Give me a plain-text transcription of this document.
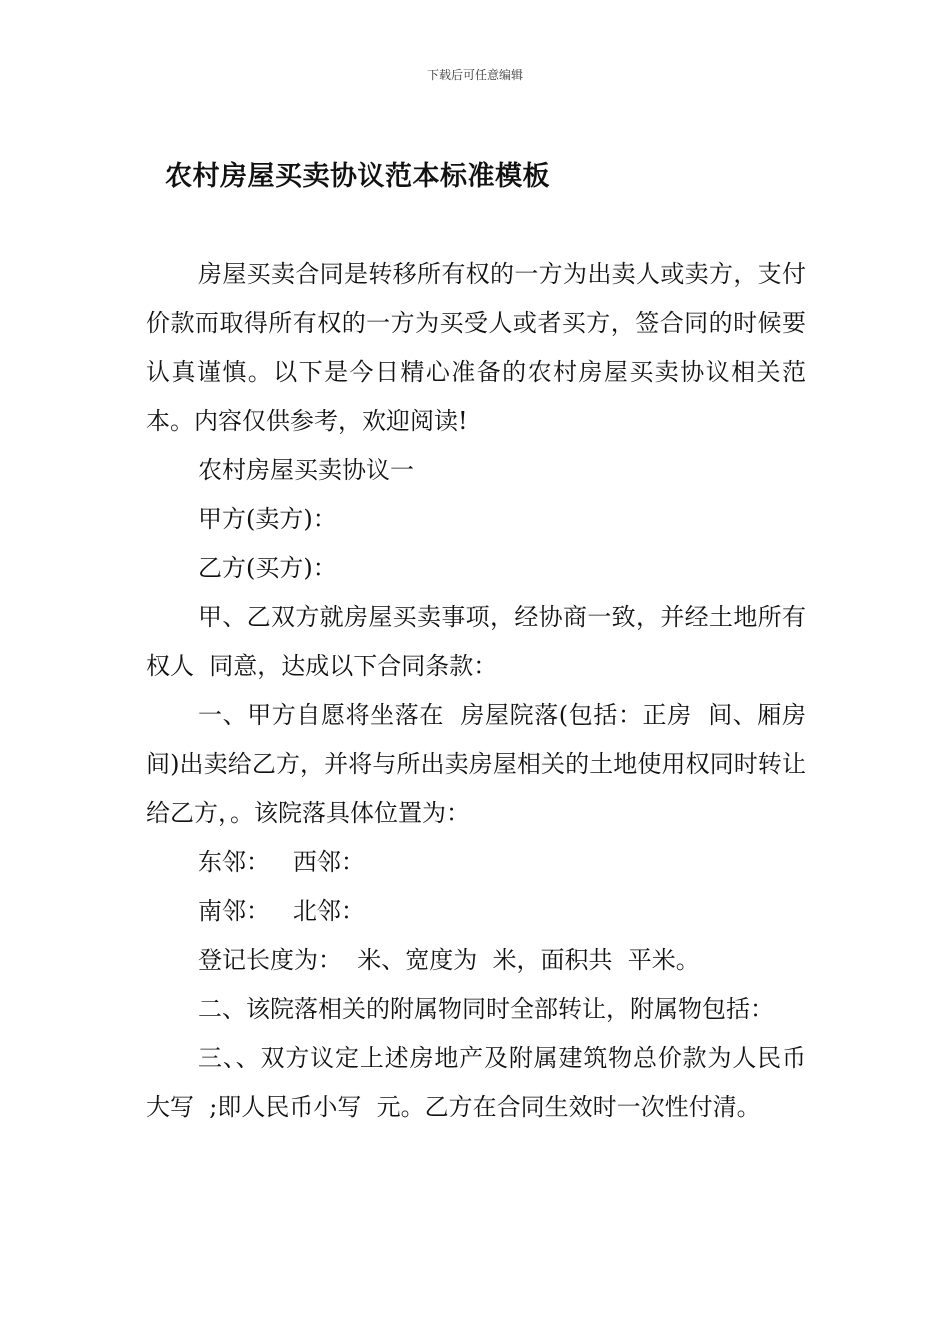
下载后可任意编辑
农村房屋买卖协议范本标准模板

房屋买卖合同是转移所有权的一方为出卖人或卖方，支付价款而取得所有权的一方为买受人或者买方，签合同的时候要认真谨慎。以下是今日精心准备的农村房屋买卖协议相关范本。内容仅供参考，欢迎阅读!

农村房屋买卖协议一

甲方(卖方)：

乙方(买方)：

甲、乙双方就房屋买卖事项，经协商一致，并经土地所有权人  同意，达成以下合同条款：

一、甲方自愿将坐落在  房屋院落(包括：正房  间、厢房  间)出卖给乙方，并将与所出卖房屋相关的土地使用权同时转让给乙方，。该院落具体位置为：

东邻：   西邻：

南邻：   北邻：

登记长度为：  米、宽度为  米，面积共  平米。

二、该院落相关的附属物同时全部转让，附属物包括：

三、、双方议定上述房地产及附属建筑物总价款为人民币大写  ;即人民币小写  元。乙方在合同生效时一次性付清。
